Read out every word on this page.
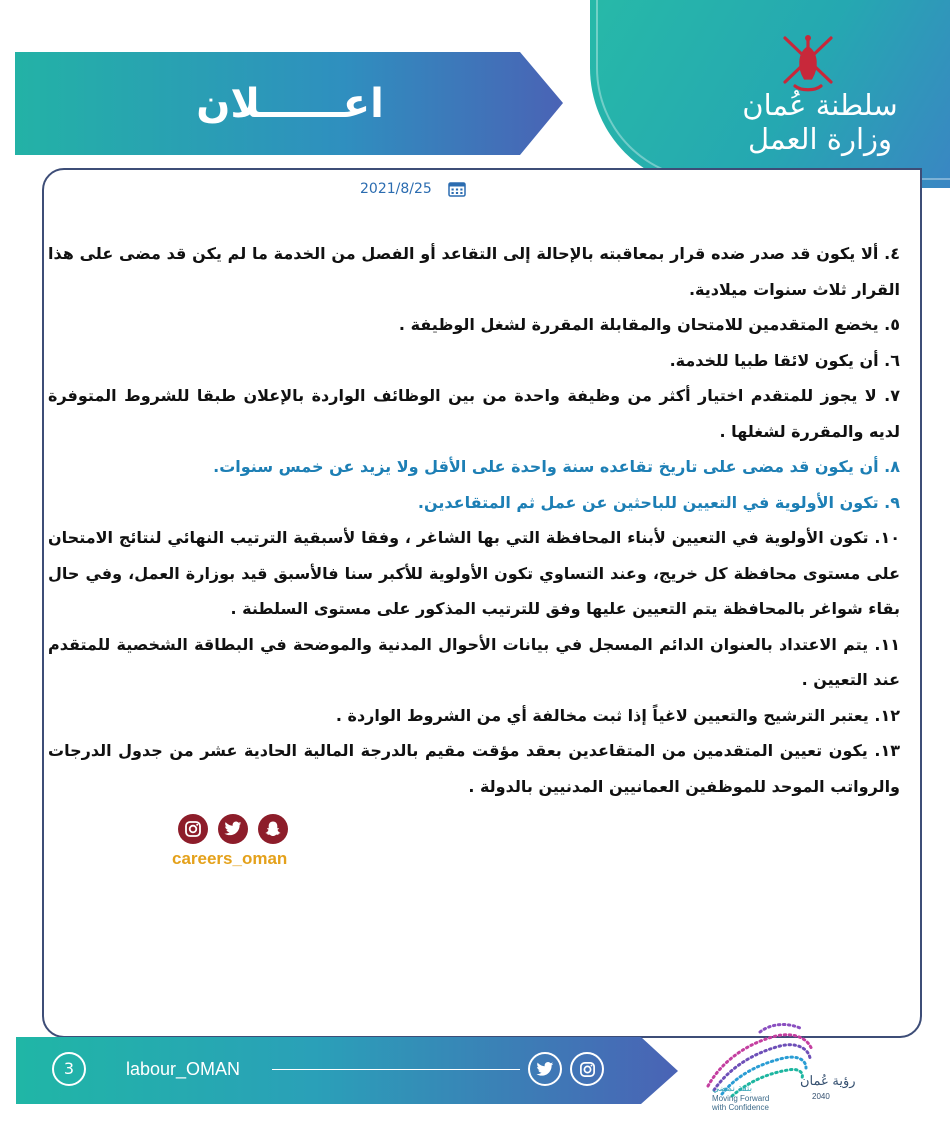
اعــــــلان	سلطنة عُمان
وزارة العمل
2021/8/25

٤. ألا يكون قد صدر ضده قرار بمعاقبته بالإحالة إلى التقاعد أو الفصل من الخدمة ما لم يكن قد مضى على هذا القرار ثلاث سنوات ميلادية.

٥. يخضع المتقدمين للامتحان والمقابلة المقررة لشغل الوظيفة .

٦. أن يكون لائقا طبيا للخدمة.

٧. لا يجوز للمتقدم اختيار أكثر من وظيفة واحدة من بين الوظائف الواردة بالإعلان طبقا للشروط المتوفرة لديه والمقررة لشغلها .

٨. أن يكون قد مضى على تاريخ تقاعده سنة واحدة على الأقل ولا يزيد عن خمس سنوات.

٩. تكون الأولوية في التعيين للباحثين عن عمل ثم المتقاعدين.

١٠. تكون الأولوية في التعيين لأبناء المحافظة التي بها الشاغر ، وفقا لأسبقية الترتيب النهائي لنتائج الامتحان على مستوى محافظة كل خريج، وعند التساوي تكون الأولوية للأكبر سنا فالأسبق قيد بوزارة العمل، وفي حال بقاء شواغر بالمحافظة يتم التعيين عليها وفق للترتيب المذكور على مستوى السلطنة .

١١. يتم الاعتداد بالعنوان الدائم المسجل في بيانات الأحوال المدنية والموضحة في البطاقة الشخصية للمتقدم عند التعيين .

١٢. يعتبر الترشيح والتعيين لاغياً إذا ثبت مخالفة أي من الشروط الواردة .

١٣. يكون تعيين المتقدمين من المتقاعدين بعقد مؤقت مقيم بالدرجة المالية الحادية عشر من جدول الدرجات والرواتب الموحد للموظفين العمانيين المدنيين بالدولة .

careers_oman
3	labour_OMAN
بثقة نمضي
Moving Forward
with Confidence
رؤية عُمان
2040
